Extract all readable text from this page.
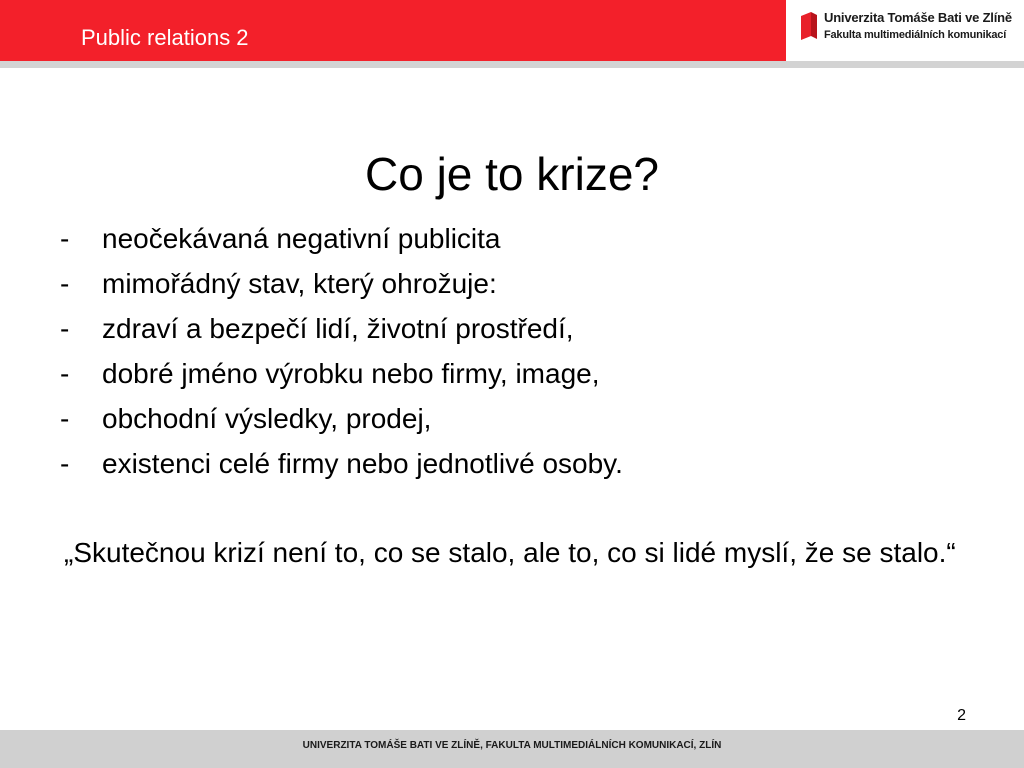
Public relations 2
Univerzita Tomáše Bati ve Zlíně
Fakulta multimediálních komunikací
Co je to krize?
-	neočekávaná negativní publicita
-	mimořádný stav, který ohrožuje:
-	zdraví a bezpečí lidí, životní prostředí,
-	dobré jméno výrobku nebo firmy, image,
-	obchodní výsledky, prodej,
-	existenci celé firmy nebo jednotlivé osoby.
„Skutečnou krizí není to, co se stalo, ale to, co si lidé myslí, že se stalo.“
2
UNIVERZITA TOMÁŠE BATI VE ZLÍNĚ, FAKULTA MULTIMEDIÁLNÍCH KOMUNIKACÍ, ZLÍN
